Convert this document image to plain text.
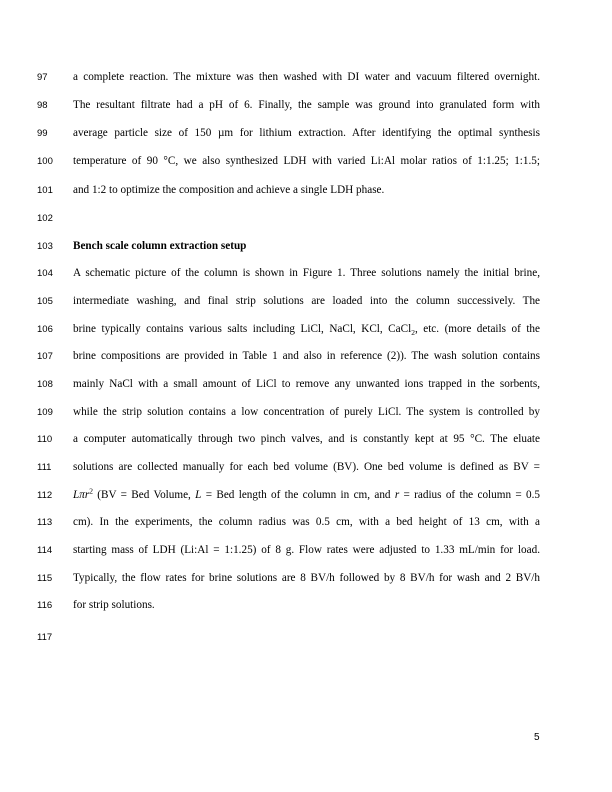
97
98
99
100
101
102
103
104
105
106
107
108
109
110
111
112
113
114
115
116
117
a complete reaction. The mixture was then washed with DI water and vacuum filtered overnight.
The resultant filtrate had a pH of 6. Finally, the sample was ground into granulated form with
average particle size of 150 µm for lithium extraction. After identifying the optimal synthesis
temperature of 90 °C, we also synthesized LDH with varied Li:Al molar ratios of 1:1.25; 1:1.5;
and 1:2 to optimize the composition and achieve a single LDH phase.
Bench scale column extraction setup
A schematic picture of the column is shown in Figure 1. Three solutions namely the initial brine,
intermediate washing, and final strip solutions are loaded into the column successively. The
brine typically contains various salts including LiCl, NaCl, KCl, CaCl$_2$, etc. (more details of the
brine compositions are provided in Table 1 and also in reference (2)). The wash solution contains
mainly NaCl with a small amount of LiCl to remove any unwanted ions trapped in the sorbents,
while the strip solution contains a low concentration of purely LiCl. The system is controlled by
a computer automatically through two pinch valves, and is constantly kept at 95 °C. The eluate
solutions are collected manually for each bed volume (BV). One bed volume is defined as BV =
Lπr$^2$ (BV = Bed Volume, L = Bed length of the column in cm, and r = radius of the column = 0.5
cm). In the experiments, the column radius was 0.5 cm, with a bed height of 13 cm, with a
starting mass of LDH (Li:Al = 1:1.25) of 8 g. Flow rates were adjusted to 1.33 mL/min for load.
Typically, the flow rates for brine solutions are 8 BV/h followed by 8 BV/h for wash and 2 BV/h
for strip solutions.
5
